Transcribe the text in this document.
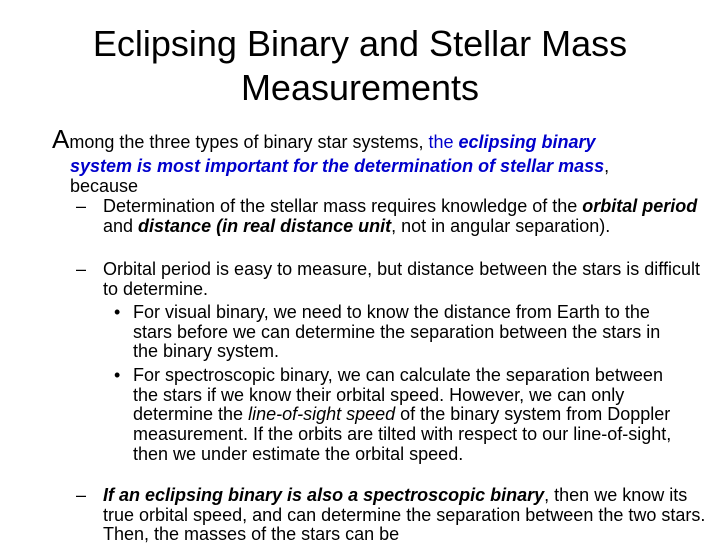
Eclipsing Binary and Stellar Mass
Measurements
Among the three types of binary star systems, the eclipsing binary
system is most important for the determination of stellar mass,
because
– Determination of the stellar mass requires knowledge of the orbital period and distance (in real distance unit, not in angular separation).
– Orbital period is easy to measure, but distance between the stars is difficult to determine.
• For visual binary, we need to know the distance from Earth to the stars before we can determine the separation between the stars in the binary system.
• For spectroscopic binary, we can calculate the separation between the stars if we know their orbital speed. However, we can only determine the line-of-sight speed of the binary system from Doppler measurement. If the orbits are tilted with respect to our line-of-sight, then we under estimate the orbital speed.
– If an eclipsing binary is also a spectroscopic binary, then we know its true orbital speed, and can determine the separation between the two stars. Then, the masses of the stars can be
